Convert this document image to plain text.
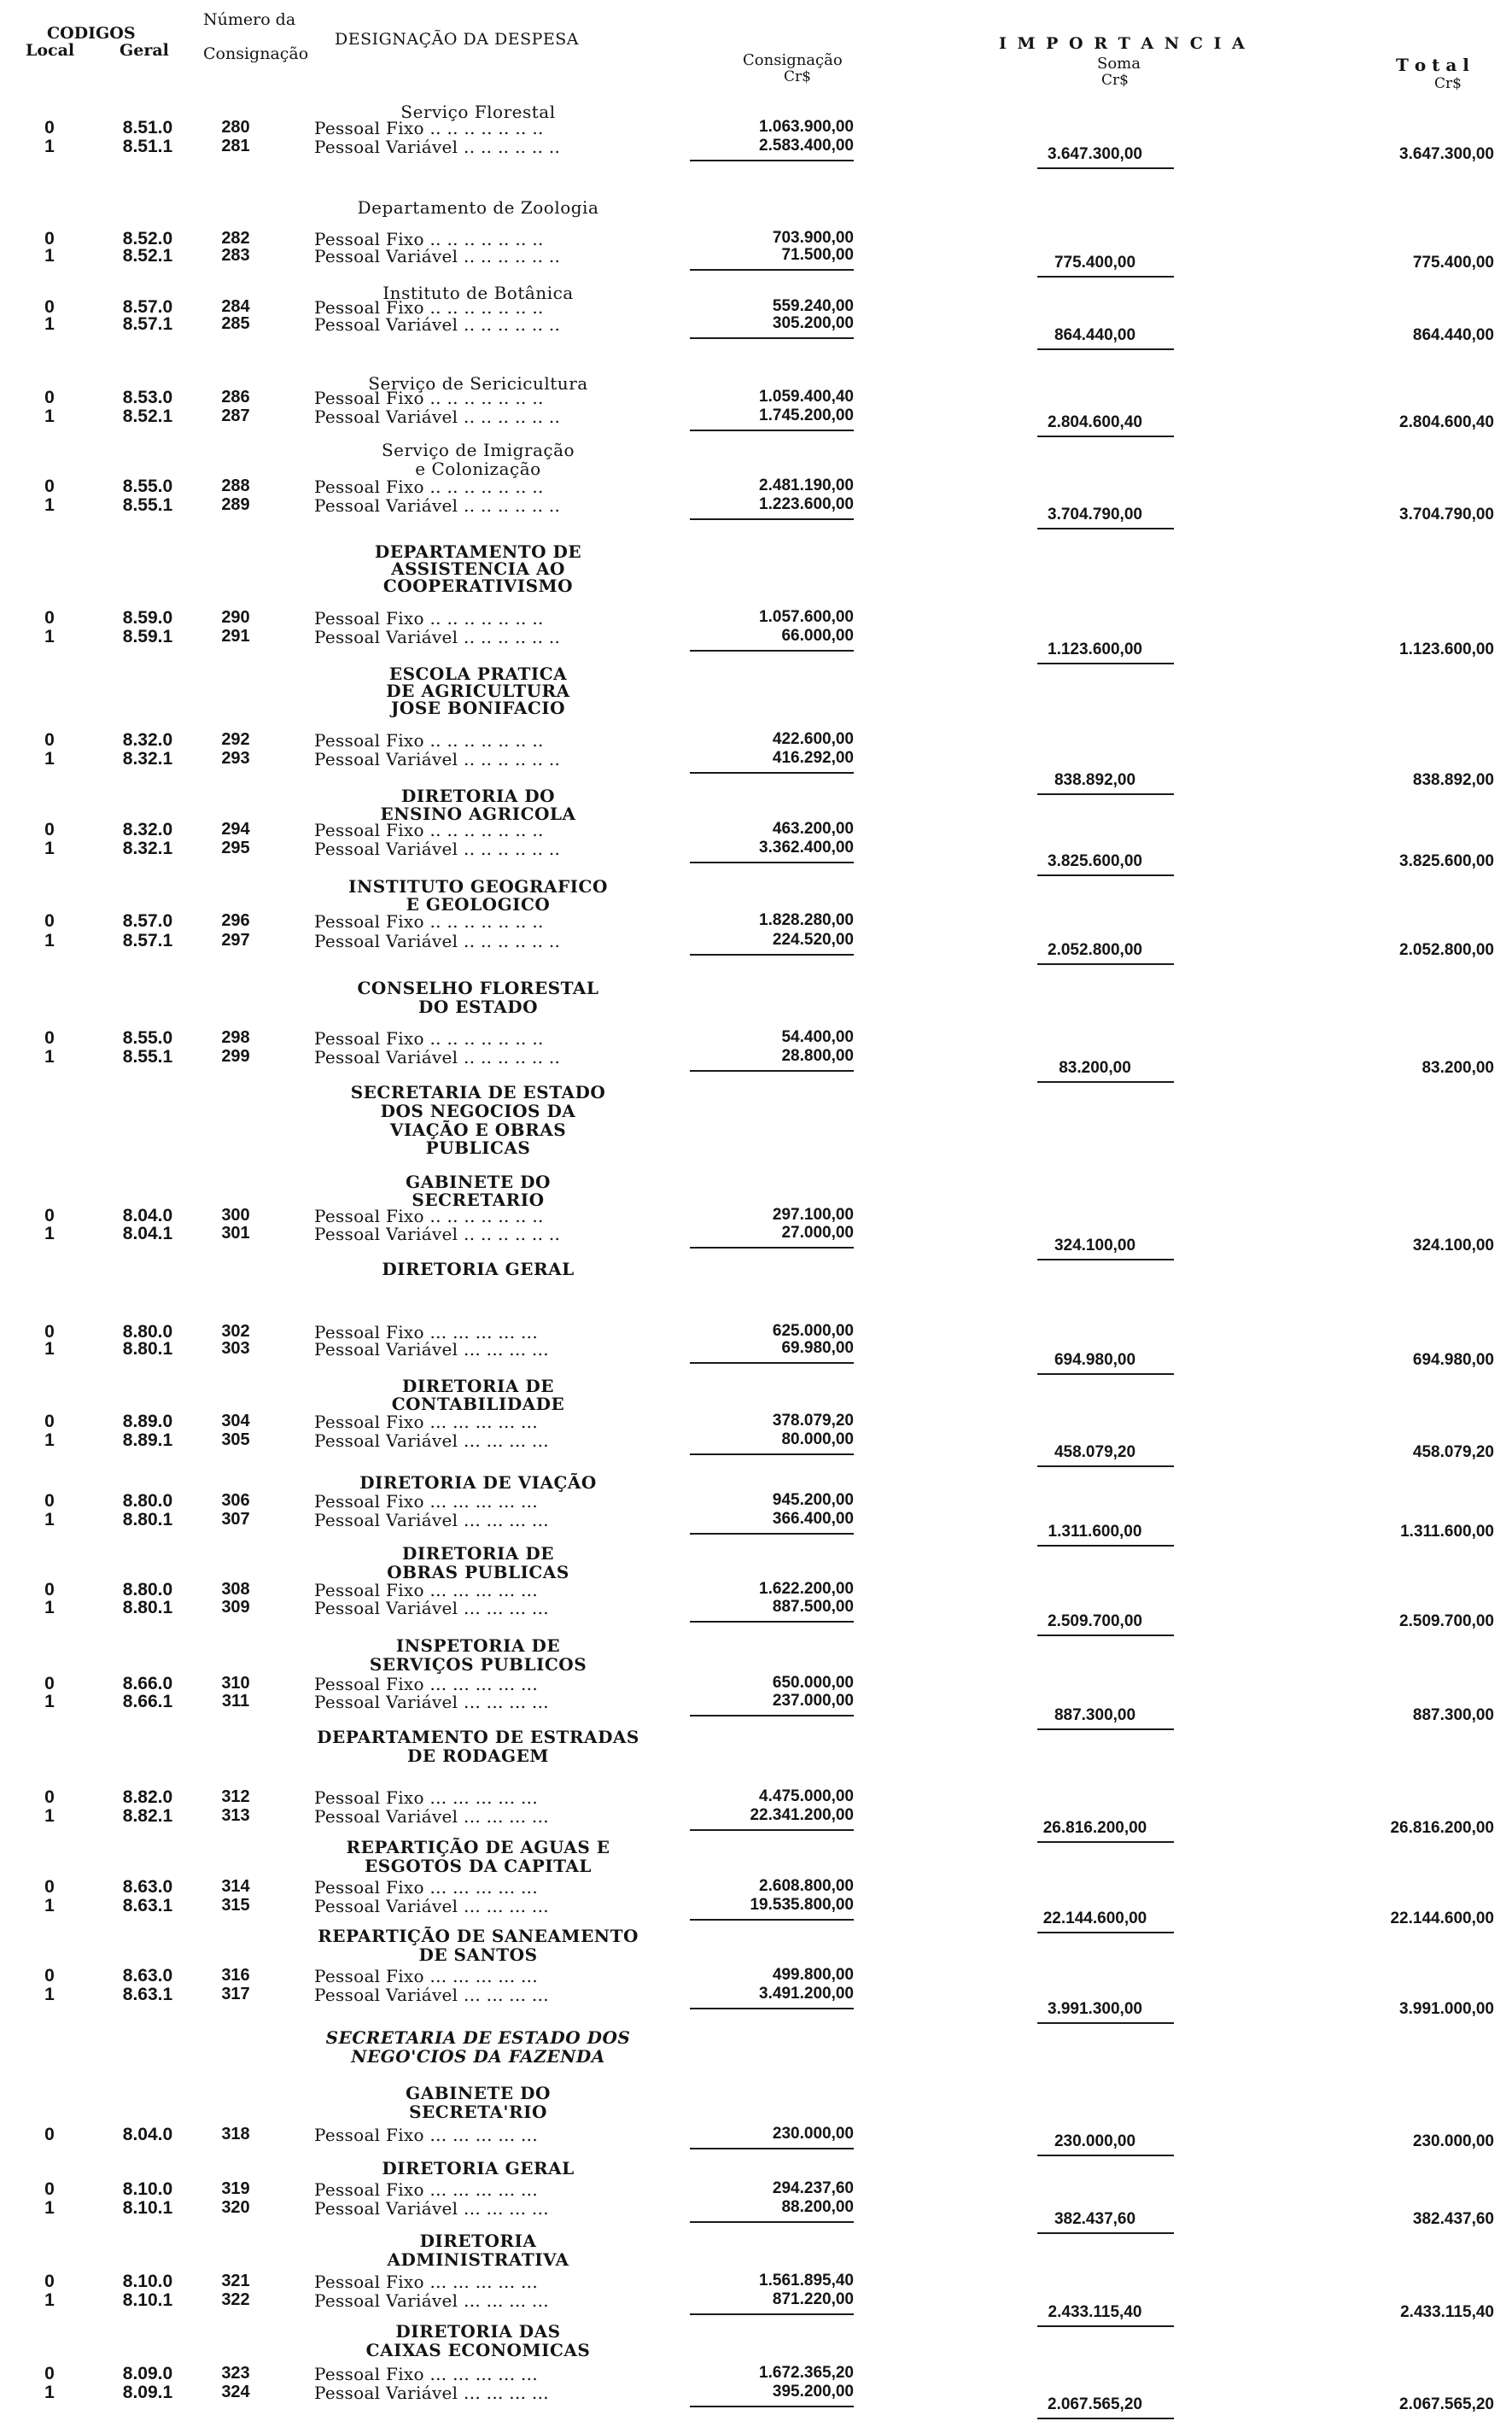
CODIGOS
Local	Geral
Número da
Consignação
DESIGNAÇÃO DA DESPESA
Consignação
Cr$
I M P O R T A N C I A
Soma
Cr$
T o t a l
Cr$
Serviço Florestal
0	8.51.0	280	Pessoal Fixo .. .. .. .. .. .. ..	1.063.900,00
1	8.51.1	281	Pessoal Variável .. .. .. .. .. ..	2.583.400,00	3.647.300,00	3.647.300,00
Departamento de Zoologia
0	8.52.0	282	Pessoal Fixo .. .. .. .. .. .. ..	703.900,00
1	8.52.1	283	Pessoal Variável .. .. .. .. .. ..	71.500,00	775.400,00	775.400,00
Instituto de Botânica
0	8.57.0	284	Pessoal Fixo .. .. .. .. .. .. ..	559.240,00
1	8.57.1	285	Pessoal Variável .. .. .. .. .. ..	305.200,00
864.440,00	864.440,00
Serviço de Sericicultura
0	8.53.0	286	Pessoal Fixo .. .. .. .. .. .. ..	1.059.400,40
1	8.52.1	287	Pessoal Variável .. .. .. .. .. ..	1.745.200,00	2.804.600,40	2.804.600,40
Serviço de Imigração
e Colonização
0	8.55.0	288	Pessoal Fixo .. .. .. .. .. .. ..	2.481.190,00
1	8.55.1	289	Pessoal Variável .. .. .. .. .. ..	1.223.600,00
3.704.790,00	3.704.790,00
DEPARTAMENTO DE
ASSISTENCIA AO
COOPERATIVISMO
0	8.59.0	290	Pessoal Fixo .. .. .. .. .. .. ..	1.057.600,00
1	8.59.1	291	Pessoal Variável .. .. .. .. .. ..	66.000,00
1.123.600,00	1.123.600,00
ESCOLA PRATICA
DE AGRICULTURA
JOSE BONIFACIO
0	8.32.0	292	Pessoal Fixo .. .. .. .. .. .. ..	422.600,00
1	8.32.1	293	Pessoal Variável .. .. .. .. .. ..	416.292,00
838.892,00	838.892,00
DIRETORIA DO
ENSINO AGRICOLA
0	8.32.0	294	Pessoal Fixo .. .. .. .. .. .. ..	463.200,00
1	8.32.1	295	Pessoal Variável .. .. .. .. .. ..	3.362.400,00
3.825.600,00	3.825.600,00
INSTITUTO GEOGRAFICO
E GEOLOGICO
0	8.57.0	296	Pessoal Fixo .. .. .. .. .. .. ..	1.828.280,00
1	8.57.1	297	Pessoal Variável .. .. .. .. .. ..	224.520,00
2.052.800,00	2.052.800,00
CONSELHO FLORESTAL
DO ESTADO
0	8.55.0	298	Pessoal Fixo .. .. .. .. .. .. ..	54.400,00
1	8.55.1	299	Pessoal Variável .. .. .. .. .. ..	28.800,00
83.200,00	83.200,00
SECRETARIA DE ESTADO
DOS NEGOCIOS DA
VIAÇÃO E OBRAS
PUBLICAS
GABINETE DO
SECRETARIO
0	8.04.0	300	Pessoal Fixo .. .. .. .. .. .. ..	297.100,00
1	8.04.1	301	Pessoal Variável .. .. .. .. .. ..	27.000,00
324.100,00	324.100,00
DIRETORIA GERAL
0	8.80.0	302	Pessoal Fixo ... ... ... ... ...	625.000,00
1	8.80.1	303	Pessoal Variável ... ... ... ...	69.980,00
694.980,00	694.980,00
DIRETORIA DE
CONTABILIDADE
0	8.89.0	304	Pessoal Fixo ... ... ... ... ...	378.079,20
1	8.89.1	305	Pessoal Variável ... ... ... ...	80.000,00
458.079,20	458.079,20
DIRETORIA DE VIAÇÃO
0	8.80.0	306	Pessoal Fixo ... ... ... ... ...	945.200,00
1	8.80.1	307	Pessoal Variável ... ... ... ...	366.400,00
1.311.600,00	1.311.600,00
DIRETORIA DE
OBRAS PUBLICAS
0	8.80.0	308	Pessoal Fixo ... ... ... ... ...	1.622.200,00
1	8.80.1	309	Pessoal Variável ... ... ... ...	887.500,00
2.509.700,00	2.509.700,00
INSPETORIA DE
SERVIÇOS PUBLICOS
0	8.66.0	310	Pessoal Fixo ... ... ... ... ...	650.000,00
1	8.66.1	311	Pessoal Variável ... ... ... ...	237.000,00
887.300,00	887.300,00
DEPARTAMENTO DE ESTRADAS
DE RODAGEM
0	8.82.0	312	Pessoal Fixo ... ... ... ... ...	4.475.000,00
1	8.82.1	313	Pessoal Variável ... ... ... ...	22.341.200,00
26.816.200,00	26.816.200,00
REPARTIÇÃO DE AGUAS E
ESGOTOS DA CAPITAL
0	8.63.0	314	Pessoal Fixo ... ... ... ... ...	2.608.800,00
1	8.63.1	315	Pessoal Variável ... ... ... ...	19.535.800,00
22.144.600,00	22.144.600,00
REPARTIÇÃO DE SANEAMENTO
DE SANTOS
0	8.63.0	316	Pessoal Fixo ... ... ... ... ...	499.800,00
1	8.63.1	317	Pessoal Variável ... ... ... ...	3.491.200,00
3.991.300,00	3.991.000,00
SECRETARIA DE ESTADO DOS
NEGO'CIOS DA FAZENDA
GABINETE DO
SECRETA'RIO
0	8.04.0	318	Pessoal Fixo ... ... ... ... ...	230.000,00	230.000,00	230.000,00
DIRETORIA GERAL
0	8.10.0	319	Pessoal Fixo ... ... ... ... ...	294.237,60
1	8.10.1	320	Pessoal Variável ... ... ... ...	88.200,00
382.437,60	382.437,60
DIRETORIA
ADMINISTRATIVA
0	8.10.0	321	Pessoal Fixo ... ... ... ... ...	1.561.895,40
1	8.10.1	322	Pessoal Variável ... ... ... ...	871.220,00
2.433.115,40	2.433.115,40
DIRETORIA DAS
CAIXAS ECONOMICAS
0	8.09.0	323	Pessoal Fixo ... ... ... ... ...	1.672.365,20
1	8.09.1	324	Pessoal Variável ... ... ... ...	395.200,00
2.067.565,20	2.067.565,20
